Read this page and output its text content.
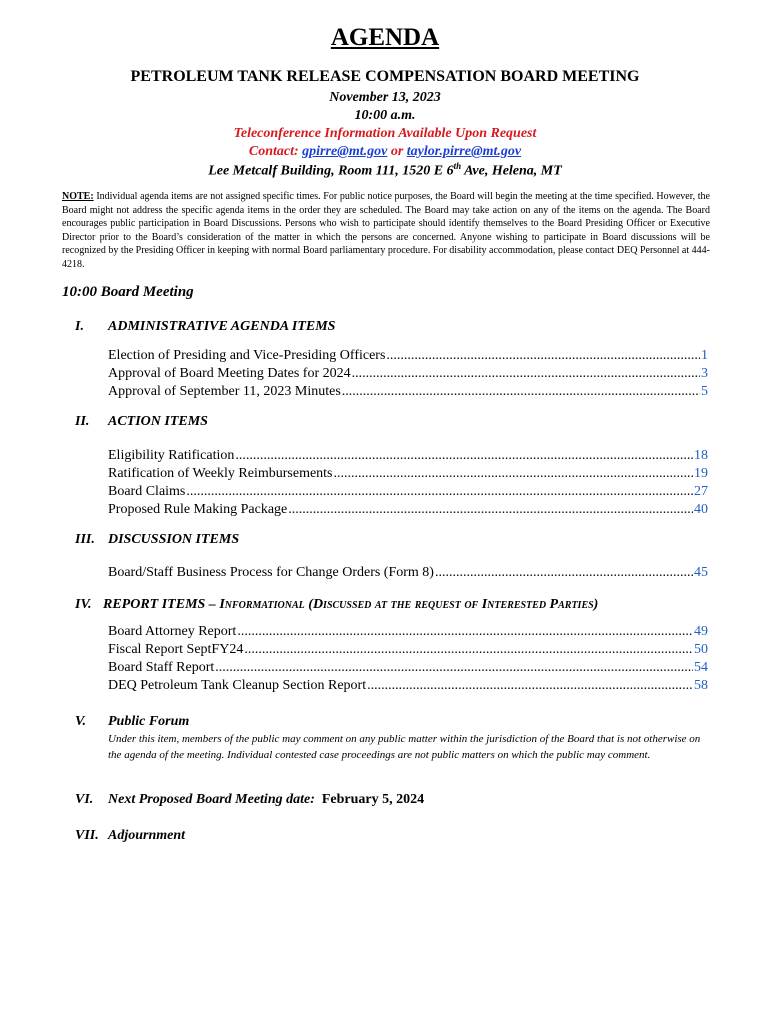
AGENDA
PETROLEUM TANK RELEASE COMPENSATION BOARD MEETING
November 13, 2023
10:00 a.m.
Teleconference Information Available Upon Request
Contact: gpirre@mt.gov or taylor.pirre@mt.gov
Lee Metcalf Building, Room 111, 1520 E 6th Ave, Helena, MT
NOTE: Individual agenda items are not assigned specific times. For public notice purposes, the Board will begin the meeting at the time specified. However, the Board might not address the specific agenda items in the order they are scheduled. The Board may take action on any of the items on the agenda. The Board encourages public participation in Board Discussions. Persons who wish to participate should identify themselves to the Board Presiding Officer or Executive Director prior to the Board’s consideration of the matter in which the persons are concerned. Anyone wishing to participate in Board discussions will be recognized by the Presiding Officer in keeping with normal Board parliamentary procedure. For disability accommodation, please contact DEQ Personnel at 444-4218.
10:00 Board Meeting
I. ADMINISTRATIVE AGENDA ITEMS
Election of Presiding and Vice-Presiding Officers .....	1
Approval of Board Meeting Dates for 2024 .....	3
Approval of September 11, 2023 Minutes .....	5
II. ACTION ITEMS
Eligibility Ratification .....	18
Ratification of Weekly Reimbursements .....	19
Board Claims .....	27
Proposed Rule Making Package .....	40
III. DISCUSSION ITEMS
Board/Staff Business Process for Change Orders (Form 8) .....	45
IV. REPORT ITEMS – Informational (Discussed at the request of Interested Parties)
Board Attorney Report .....	49
Fiscal Report SeptFY24 .....	50
Board Staff Report .....	54
DEQ Petroleum Tank Cleanup Section Report .....	58
V. Public Forum
Under this item, members of the public may comment on any public matter within the jurisdiction of the Board that is not otherwise on the agenda of the meeting. Individual contested case proceedings are not public matters on which the public may comment.
VI. Next Proposed Board Meeting date: February 5, 2024
VII. Adjournment
